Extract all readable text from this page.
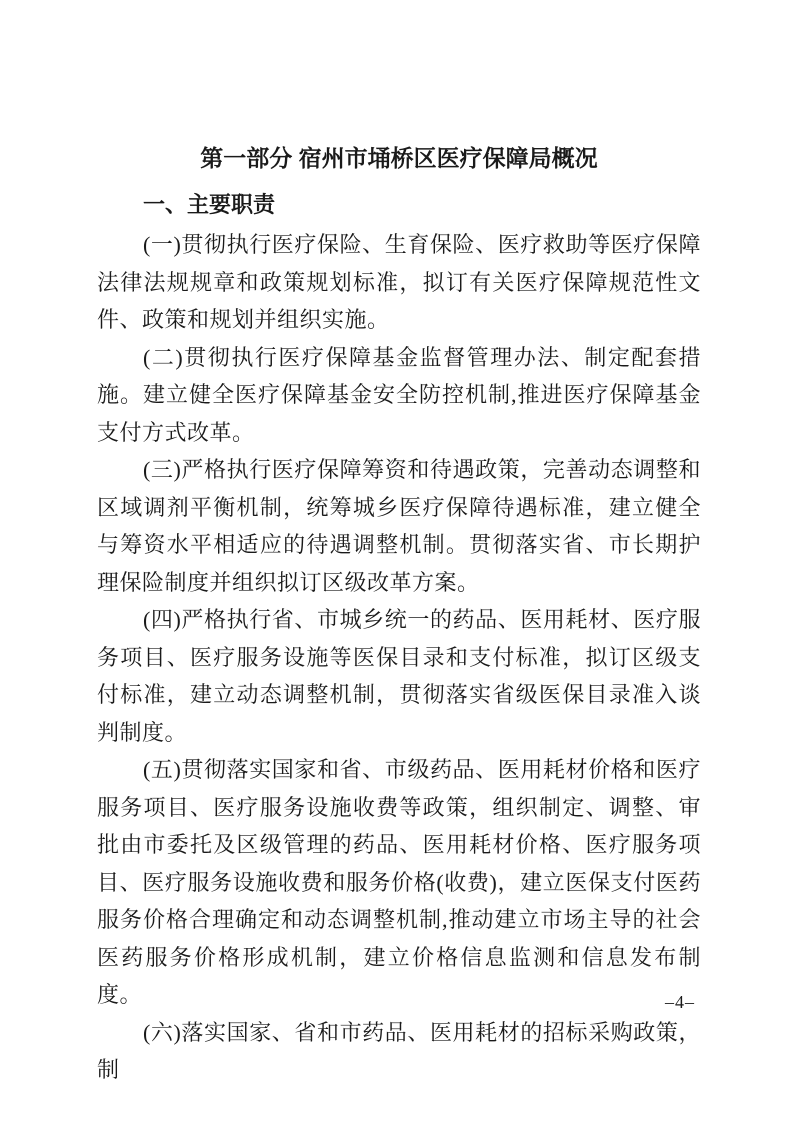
第一部分 宿州市埇桥区医疗保障局概况
一、主要职责

(一)贯彻执行医疗保险、生育保险、医疗救助等医疗保障法律法规规章和政策规划标准，拟订有关医疗保障规范性文件、政策和规划并组织实施。

(二)贯彻执行医疗保障基金监督管理办法、制定配套措施。建立健全医疗保障基金安全防控机制,推进医疗保障基金支付方式改革。

(三)严格执行医疗保障筹资和待遇政策，完善动态调整和区域调剂平衡机制，统筹城乡医疗保障待遇标准，建立健全与筹资水平相适应的待遇调整机制。贯彻落实省、市长期护理保险制度并组织拟订区级改革方案。

(四)严格执行省、市城乡统一的药品、医用耗材、医疗服务项目、医疗服务设施等医保目录和支付标准，拟订区级支付标准，建立动态调整机制，贯彻落实省级医保目录准入谈判制度。

(五)贯彻落实国家和省、市级药品、医用耗材价格和医疗服务项目、医疗服务设施收费等政策，组织制定、调整、审批由市委托及区级管理的药品、医用耗材价格、医疗服务项目、医疗服务设施收费和服务价格(收费)，建立医保支付医药服务价格合理确定和动态调整机制,推动建立市场主导的社会医药服务价格形成机制，建立价格信息监测和信息发布制度。

(六)落实国家、省和市药品、医用耗材的招标采购政策，制

–4–
